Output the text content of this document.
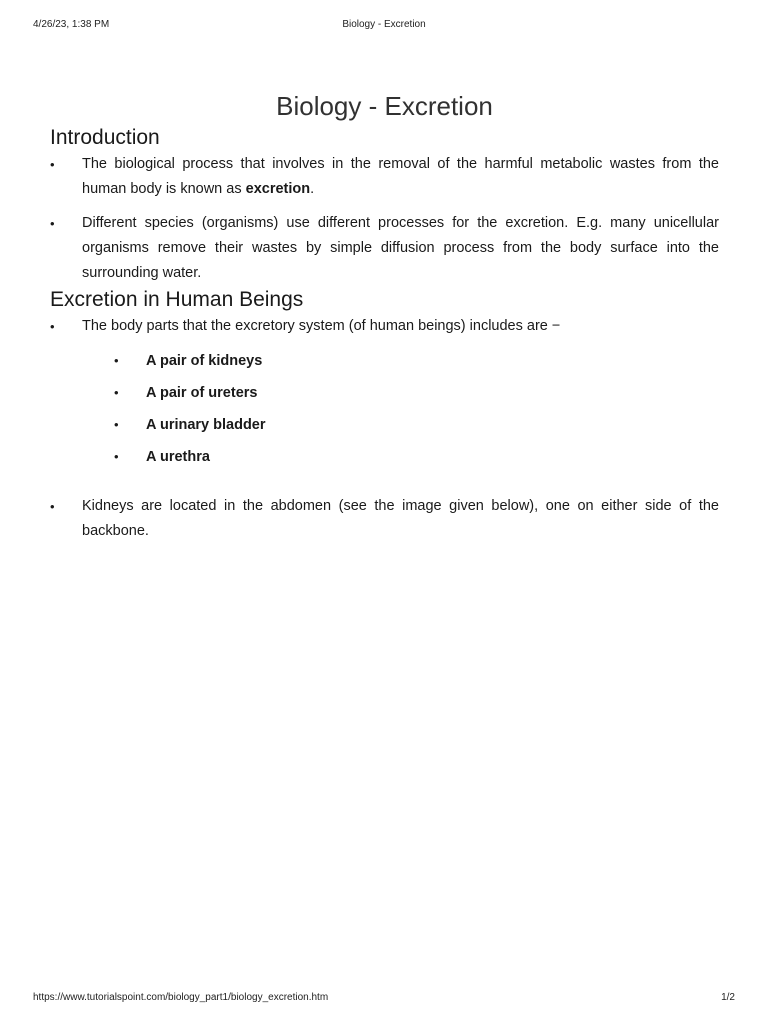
4/26/23, 1:38 PM	Biology - Excretion
Biology - Excretion
Introduction
• The biological process that involves in the removal of the harmful metabolic wastes from the human body is known as excretion.
• Different species (organisms) use different processes for the excretion. E.g. many unicellular organisms remove their wastes by simple diffusion process from the body surface into the surrounding water.
Excretion in Human Beings
• The body parts that the excretory system (of human beings) includes are −
• A pair of kidneys
• A pair of ureters
• A urinary bladder
• A urethra
• Kidneys are located in the abdomen (see the image given below), one on either side of the backbone.
https://www.tutorialspoint.com/biology_part1/biology_excretion.htm	1/2
